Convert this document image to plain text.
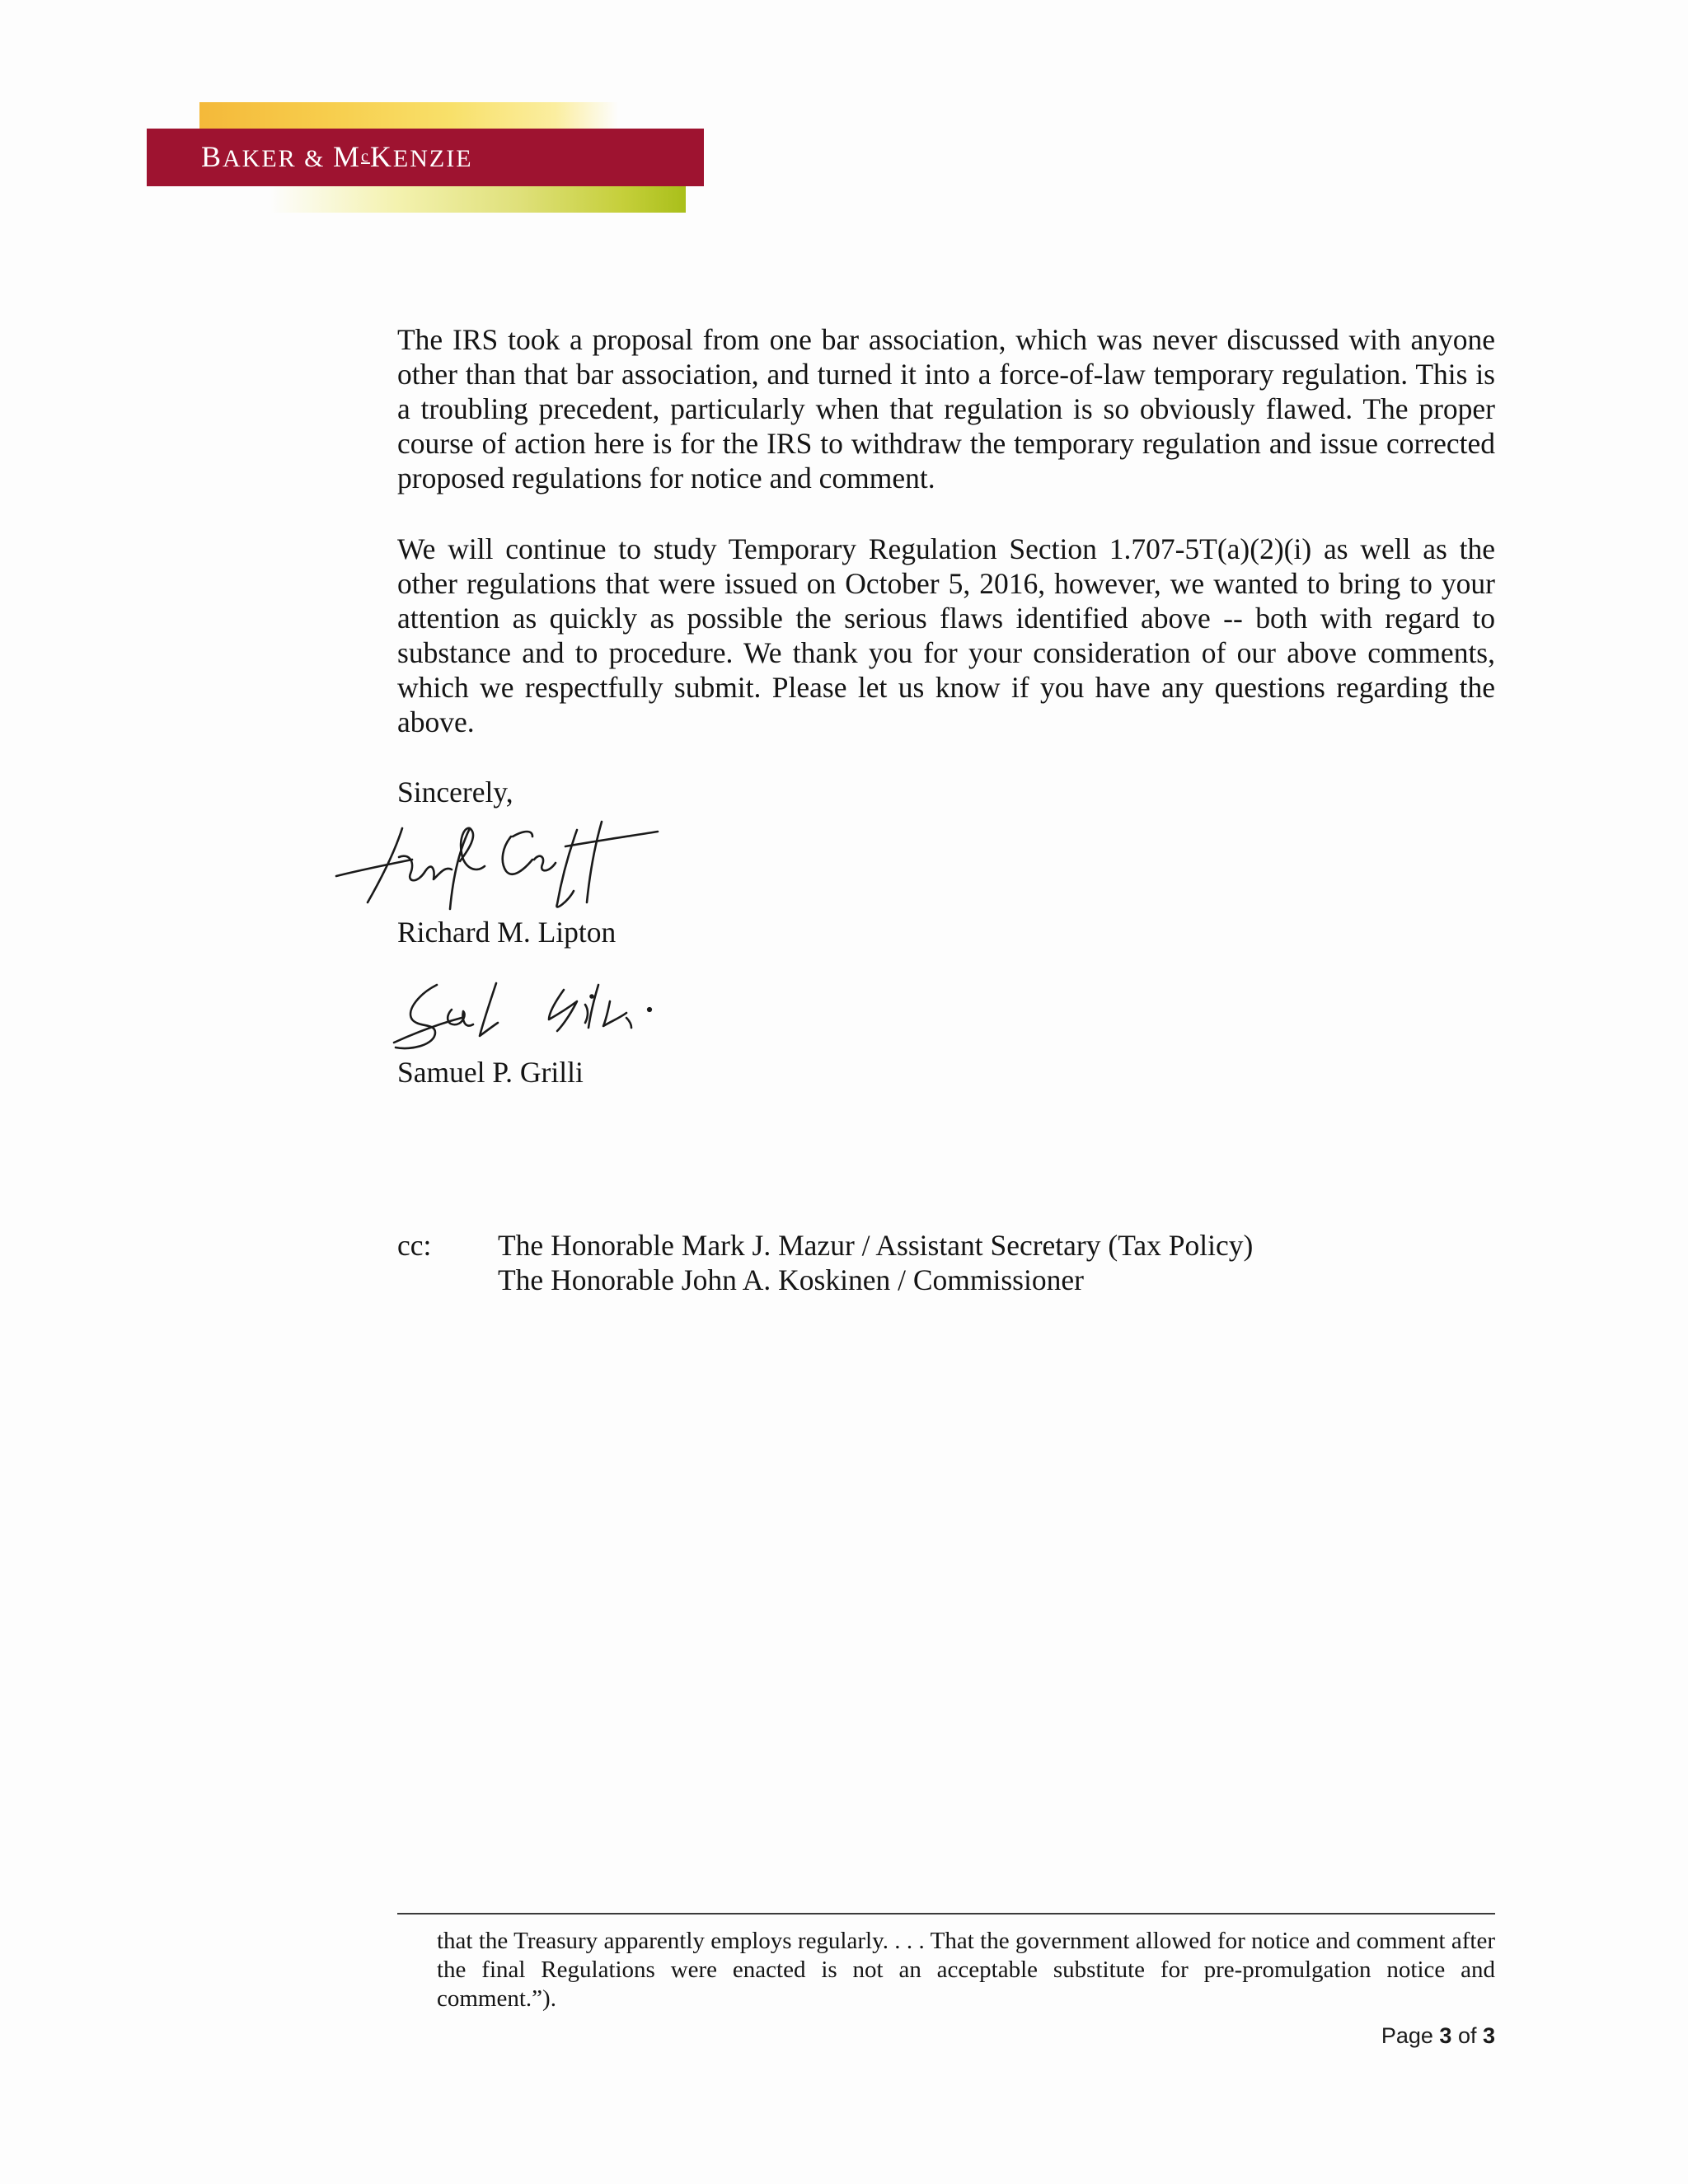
BAKER & $M^cKENZIE$

The IRS took a proposal from one bar association, which was never discussed with anyone other than that bar association, and turned it into a force-of-law temporary regulation. This is a troubling precedent, particularly when that regulation is so obviously flawed. The proper course of action here is for the IRS to withdraw the temporary regulation and issue corrected proposed regulations for notice and comment.

We will continue to study Temporary Regulation Section 1.707-5T(a)(2)(i) as well as the other regulations that were issued on October 5, 2016, however, we wanted to bring to your attention as quickly as possible the serious flaws identified above -- both with regard to substance and to procedure. We thank you for your consideration of our above comments, which we respectfully submit. Please let us know if you have any questions regarding the above.

Sincerely,

Richard M. Lipton

Samuel P. Grilli

cc: The Honorable Mark J. Mazur / Assistant Secretary (Tax Policy)

The Honorable John A. Koskinen / Commissioner

that the Treasury apparently employs regularly. . . . That the government allowed for notice and comment after the final Regulations were enacted is not an acceptable substitute for pre-promulgation notice and comment.”).

Page 3 of 3
